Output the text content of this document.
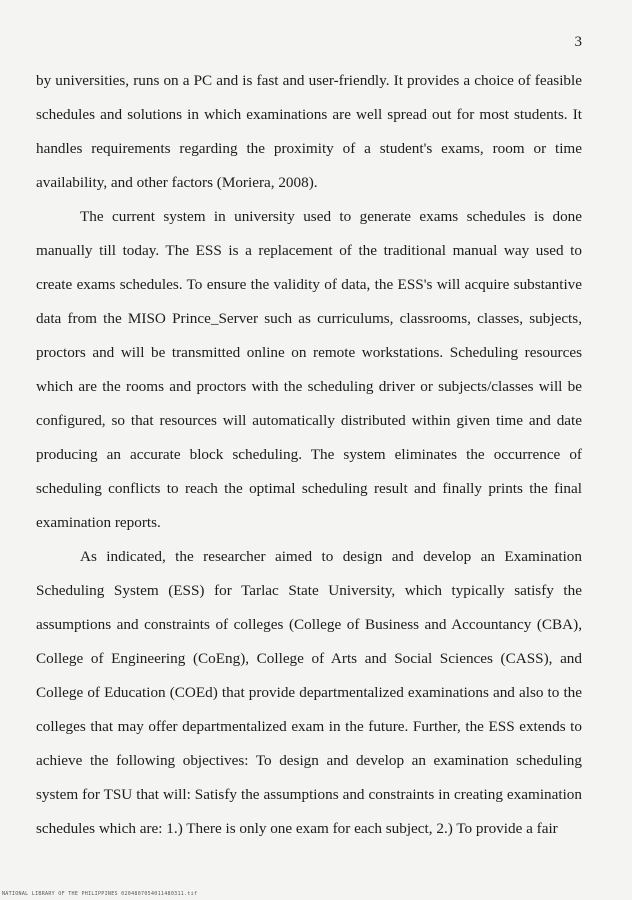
3

by universities, runs on a PC and is fast and user-friendly. It provides a choice of feasible schedules and solutions in which examinations are well spread out for most students. It handles requirements regarding the proximity of a student's exams, room or time availability, and other factors (Moriera, 2008).

The current system in university used to generate exams schedules is done manually till today. The ESS is a replacement of the traditional manual way used to create exams schedules. To ensure the validity of data, the ESS's will acquire substantive data from the MISO Prince_Server such as curriculums, classrooms, classes, subjects, proctors and will be transmitted online on remote workstations. Scheduling resources which are the rooms and proctors with the scheduling driver or subjects/classes will be configured, so that resources will automatically distributed within given time and date producing an accurate block scheduling. The system eliminates the occurrence of scheduling conflicts to reach the optimal scheduling result and finally prints the final examination reports.

As indicated, the researcher aimed to design and develop an Examination Scheduling System (ESS) for Tarlac State University, which typically satisfy the assumptions and constraints of colleges (College of Business and Accountancy (CBA), College of Engineering (CoEng), College of Arts and Social Sciences (CASS), and College of Education (COEd) that provide departmentalized examinations and also to the colleges that may offer departmentalized exam in the future. Further, the ESS extends to achieve the following objectives: To design and develop an examination scheduling system for TSU that will: Satisfy the assumptions and constraints in creating examination schedules which are: 1.) There is only one exam for each subject, 2.) To provide a fair

NATIONAL LIBRARY OF THE PHILIPPINES 0204807054011480311.tif
